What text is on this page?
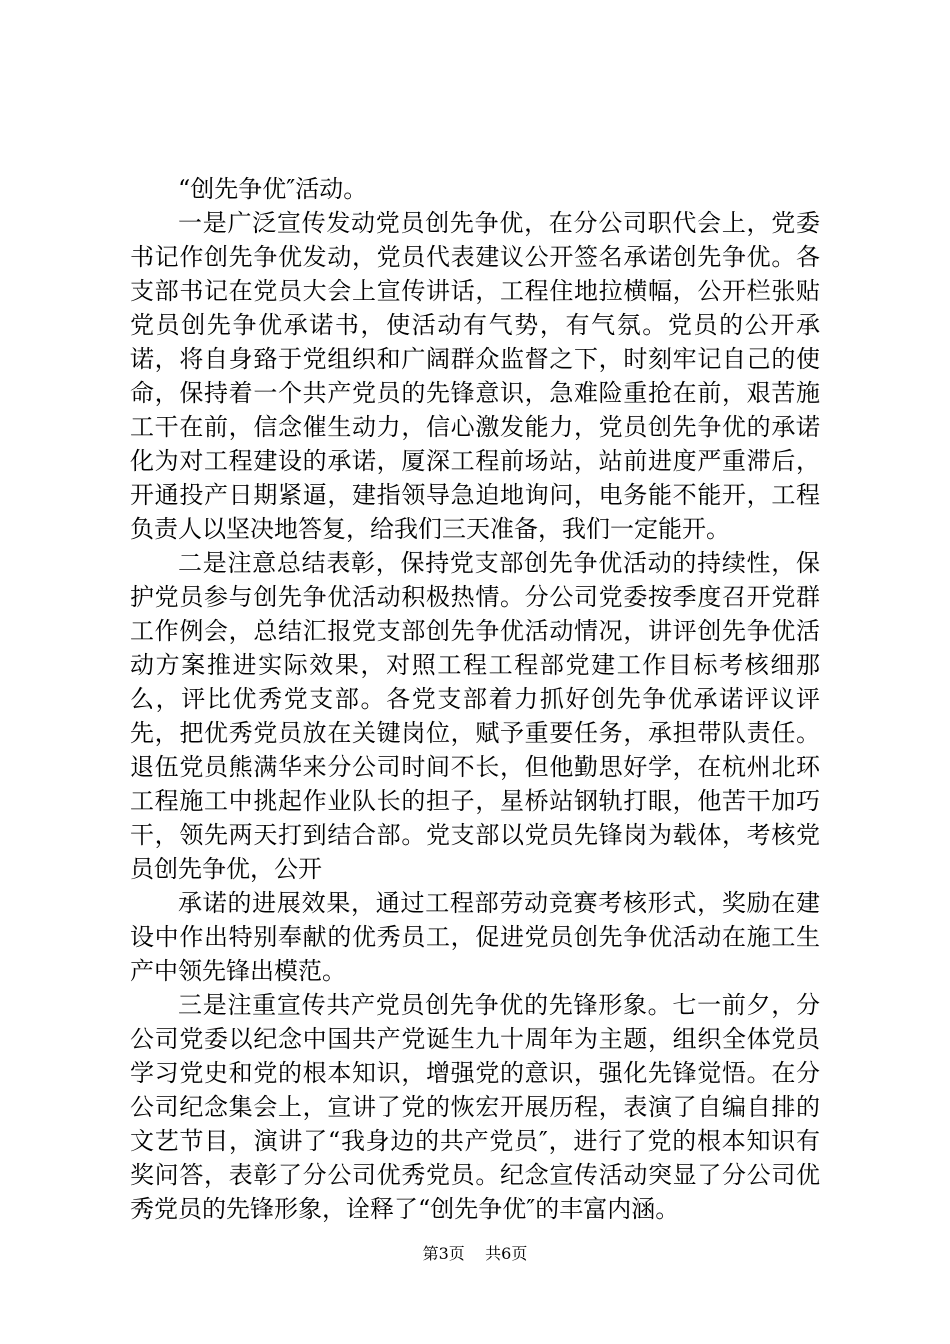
“创先争优″活动。

一是广泛宣传发动党员创先争优，在分公司职代会上，党委书记作创先争优发动，党员代表建议公开签名承诺创先争优。各支部书记在党员大会上宣传讲话，工程住地拉横幅，公开栏张贴党员创先争优承诺书，使活动有气势，有气氛。党员的公开承诺，将自身臵于党组织和广阔群众监督之下，时刻牢记自己的使命，保持着一个共产党员的先锋意识，急难险重抢在前，艰苦施工干在前，信念催生动力，信心激发能力，党员创先争优的承诺化为对工程建设的承诺，厦深工程前场站，站前进度严重滞后，开通投产日期紧逼，建指领导急迫地询问，电务能不能开，工程负责人以坚决地答复，给我们三天准备，我们一定能开。

二是注意总结表彰，保持党支部创先争优活动的持续性，保护党员参与创先争优活动积极热情。分公司党委按季度召开党群工作例会，总结汇报党支部创先争优活动情况，讲评创先争优活动方案推进实际效果，对照工程工程部党建工作目标考核细那么，评比优秀党支部。各党支部着力抓好创先争优承诺评议评先，把优秀党员放在关键岗位，赋予重要任务，承担带队责任。退伍党员熊满华来分公司时间不长，但他勤思好学，在杭州北环工程施工中挑起作业队长的担子，星桥站钢轨打眼，他苦干加巧干，领先两天打到结合部。党支部以党员先锋岗为载体，考核党员创先争优，公开

承诺的进展效果，通过工程部劳动竞赛考核形式，奖励在建设中作出特别奉献的优秀员工，促进党员创先争优活动在施工生产中领先锋出模范。

三是注重宣传共产党员创先争优的先锋形象。七一前夕，分公司党委以纪念中国共产党诞生九十周年为主题，组织全体党员学习党史和党的根本知识，增强党的意识，强化先锋觉悟。在分公司纪念集会上，宣讲了党的恢宏开展历程，表演了自编自排的文艺节目，演讲了“我身边的共产党员″，进行了党的根本知识有奖问答，表彰了分公司优秀党员。纪念宣传活动突显了分公司优秀党员的先锋形象，诠释了“创先争优″的丰富内涵。

第3页 共6页
